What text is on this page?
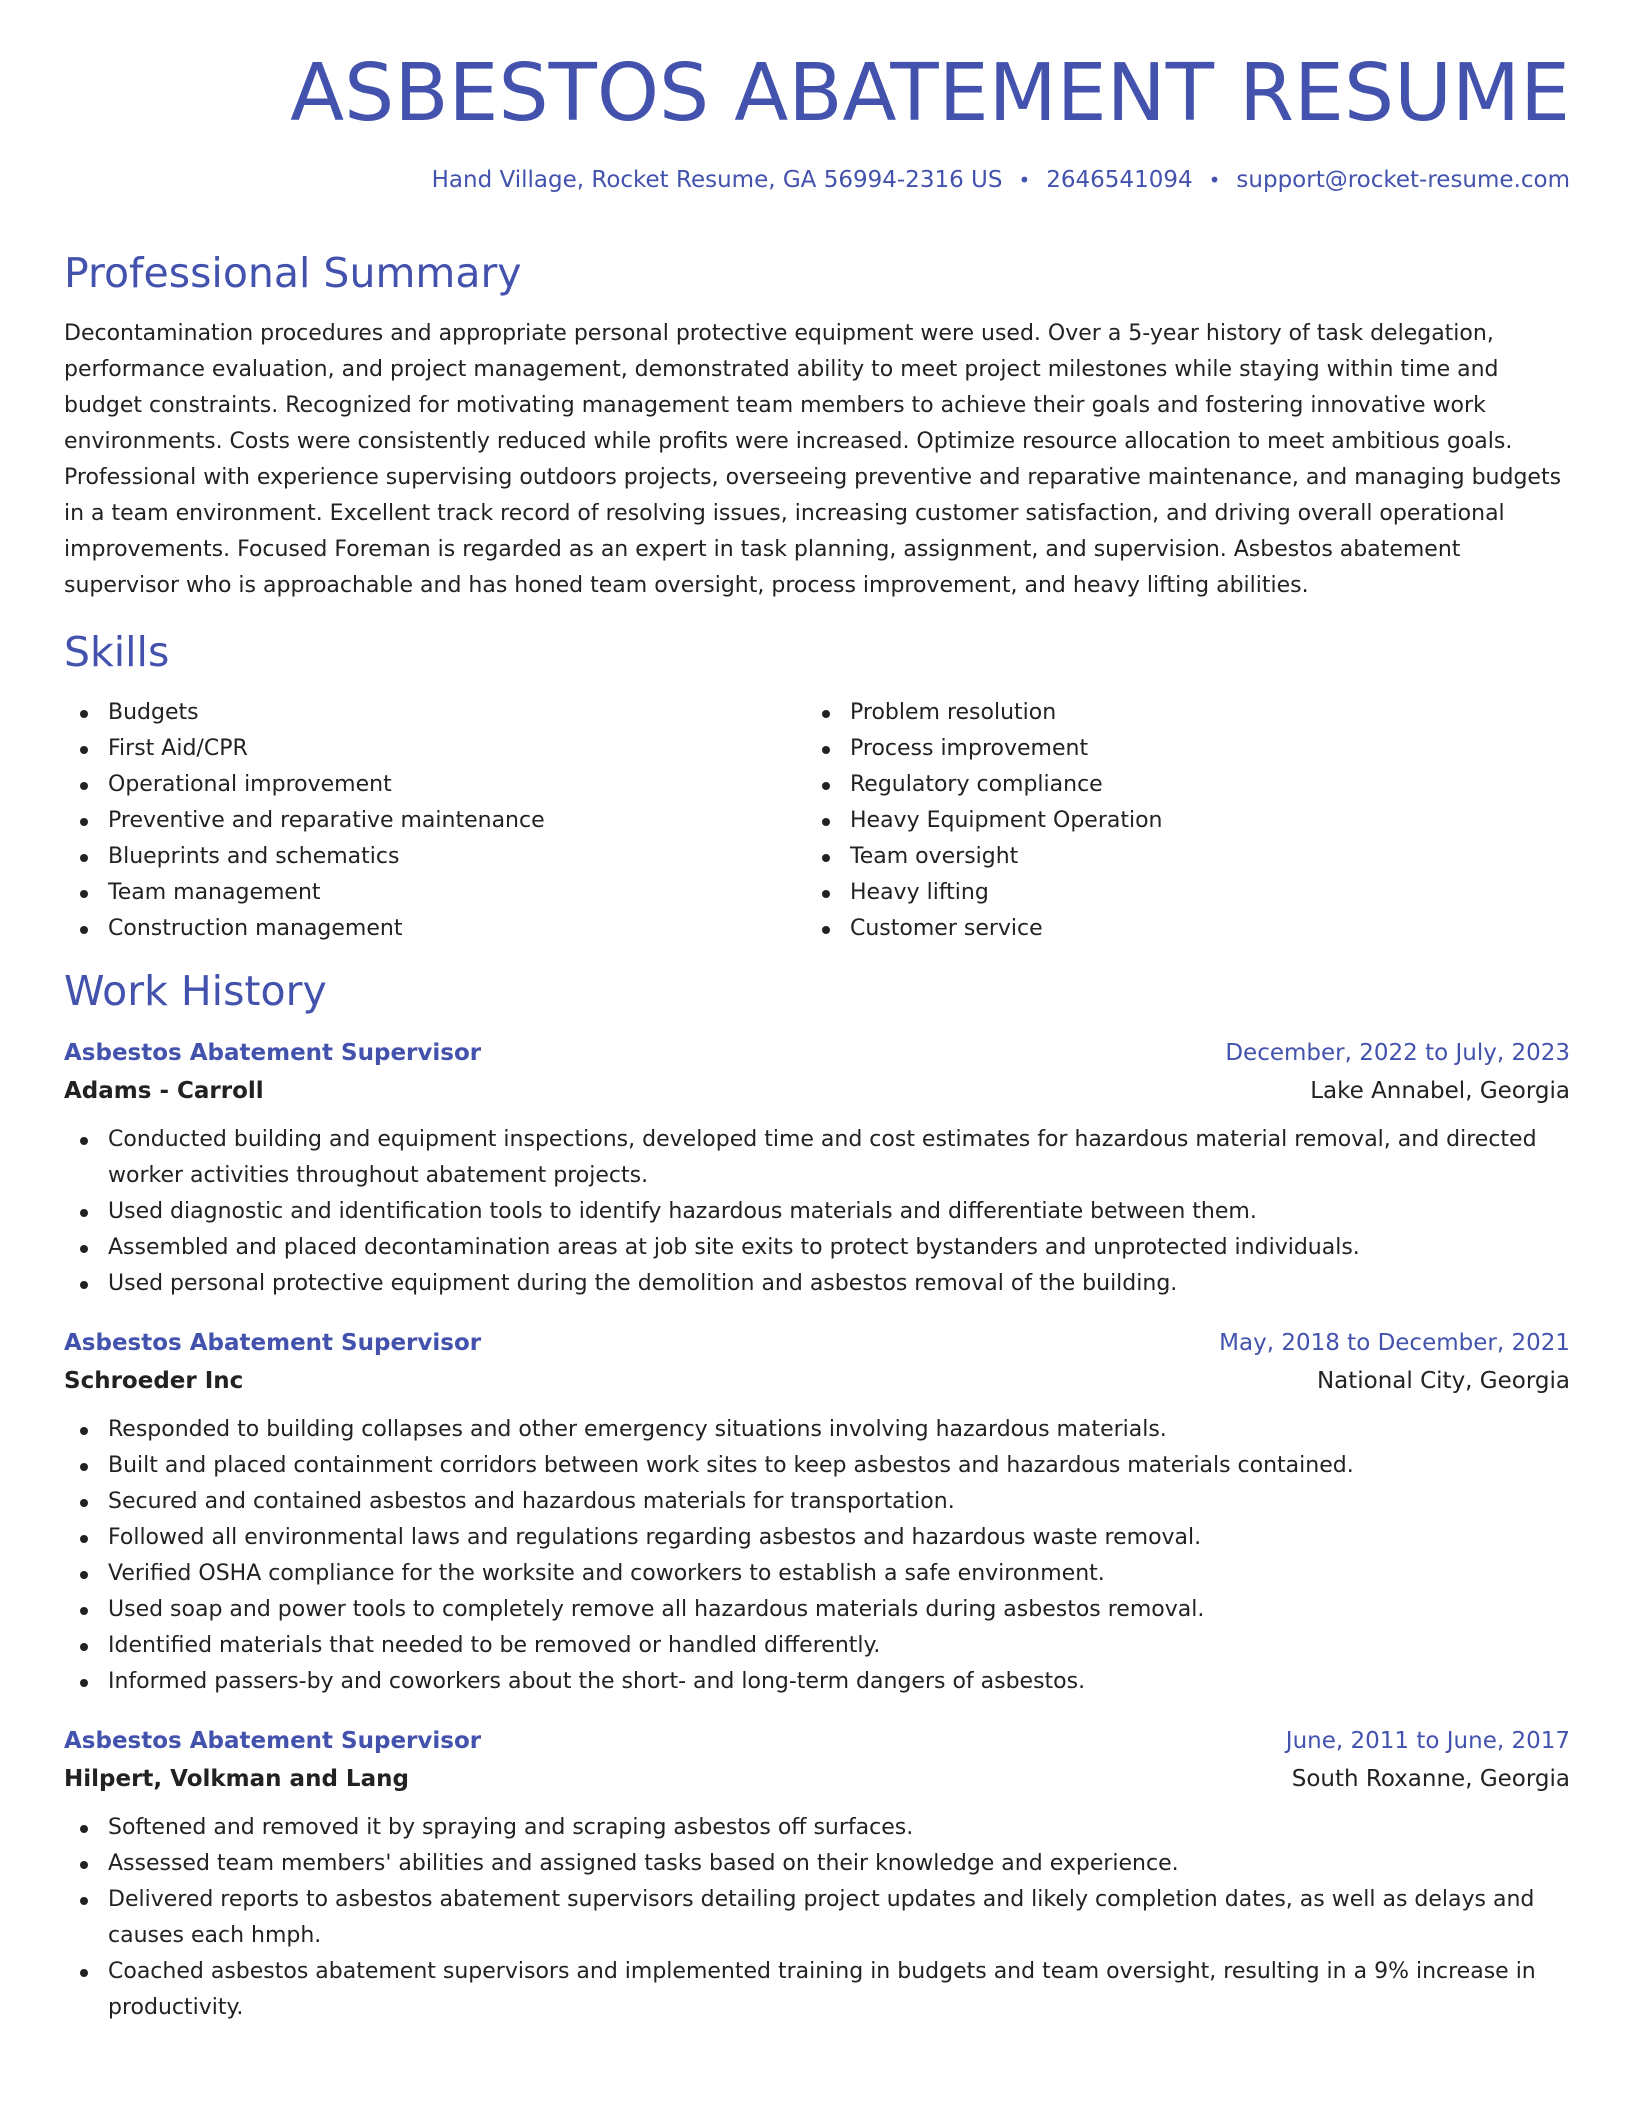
ASBESTOS ABATEMENT RESUME
Hand Village, Rocket Resume, GA 56994-2316 US • 2646541094 • support@rocket-resume.com
Professional Summary

Decontamination procedures and appropriate personal protective equipment were used. Over a 5-year history of task delegation, performance evaluation, and project management, demonstrated ability to meet project milestones while staying within time and budget constraints. Recognized for motivating management team members to achieve their goals and fostering innovative work environments. Costs were consistently reduced while profits were increased. Optimize resource allocation to meet ambitious goals. Professional with experience supervising outdoors projects, overseeing preventive and reparative maintenance, and managing budgets in a team environment. Excellent track record of resolving issues, increasing customer satisfaction, and driving overall operational improvements. Focused Foreman is regarded as an expert in task planning, assignment, and supervision. Asbestos abatement supervisor who is approachable and has honed team oversight, process improvement, and heavy lifting abilities.

Skills
Budgets
First Aid/CPR
Operational improvement
Preventive and reparative maintenance
Blueprints and schematics
Team management
Construction management
Problem resolution
Process improvement
Regulatory compliance
Heavy Equipment Operation
Team oversight
Heavy lifting
Customer service
Work History
Asbestos Abatement Supervisor	December, 2022 to July, 2023
Adams - Carroll	Lake Annabel, Georgia
Conducted building and equipment inspections, developed time and cost estimates for hazardous material removal, and directed worker activities throughout abatement projects.
Used diagnostic and identification tools to identify hazardous materials and differentiate between them.
Assembled and placed decontamination areas at job site exits to protect bystanders and unprotected individuals.
Used personal protective equipment during the demolition and asbestos removal of the building.
Asbestos Abatement Supervisor	May, 2018 to December, 2021
Schroeder Inc	National City, Georgia
Responded to building collapses and other emergency situations involving hazardous materials.
Built and placed containment corridors between work sites to keep asbestos and hazardous materials contained.
Secured and contained asbestos and hazardous materials for transportation.
Followed all environmental laws and regulations regarding asbestos and hazardous waste removal.
Verified OSHA compliance for the worksite and coworkers to establish a safe environment.
Used soap and power tools to completely remove all hazardous materials during asbestos removal.
Identified materials that needed to be removed or handled differently.
Informed passers-by and coworkers about the short- and long-term dangers of asbestos.
Asbestos Abatement Supervisor	June, 2011 to June, 2017
Hilpert, Volkman and Lang	South Roxanne, Georgia
Softened and removed it by spraying and scraping asbestos off surfaces.
Assessed team members' abilities and assigned tasks based on their knowledge and experience.
Delivered reports to asbestos abatement supervisors detailing project updates and likely completion dates, as well as delays and causes each hmph.
Coached asbestos abatement supervisors and implemented training in budgets and team oversight, resulting in a 9% increase in productivity.
